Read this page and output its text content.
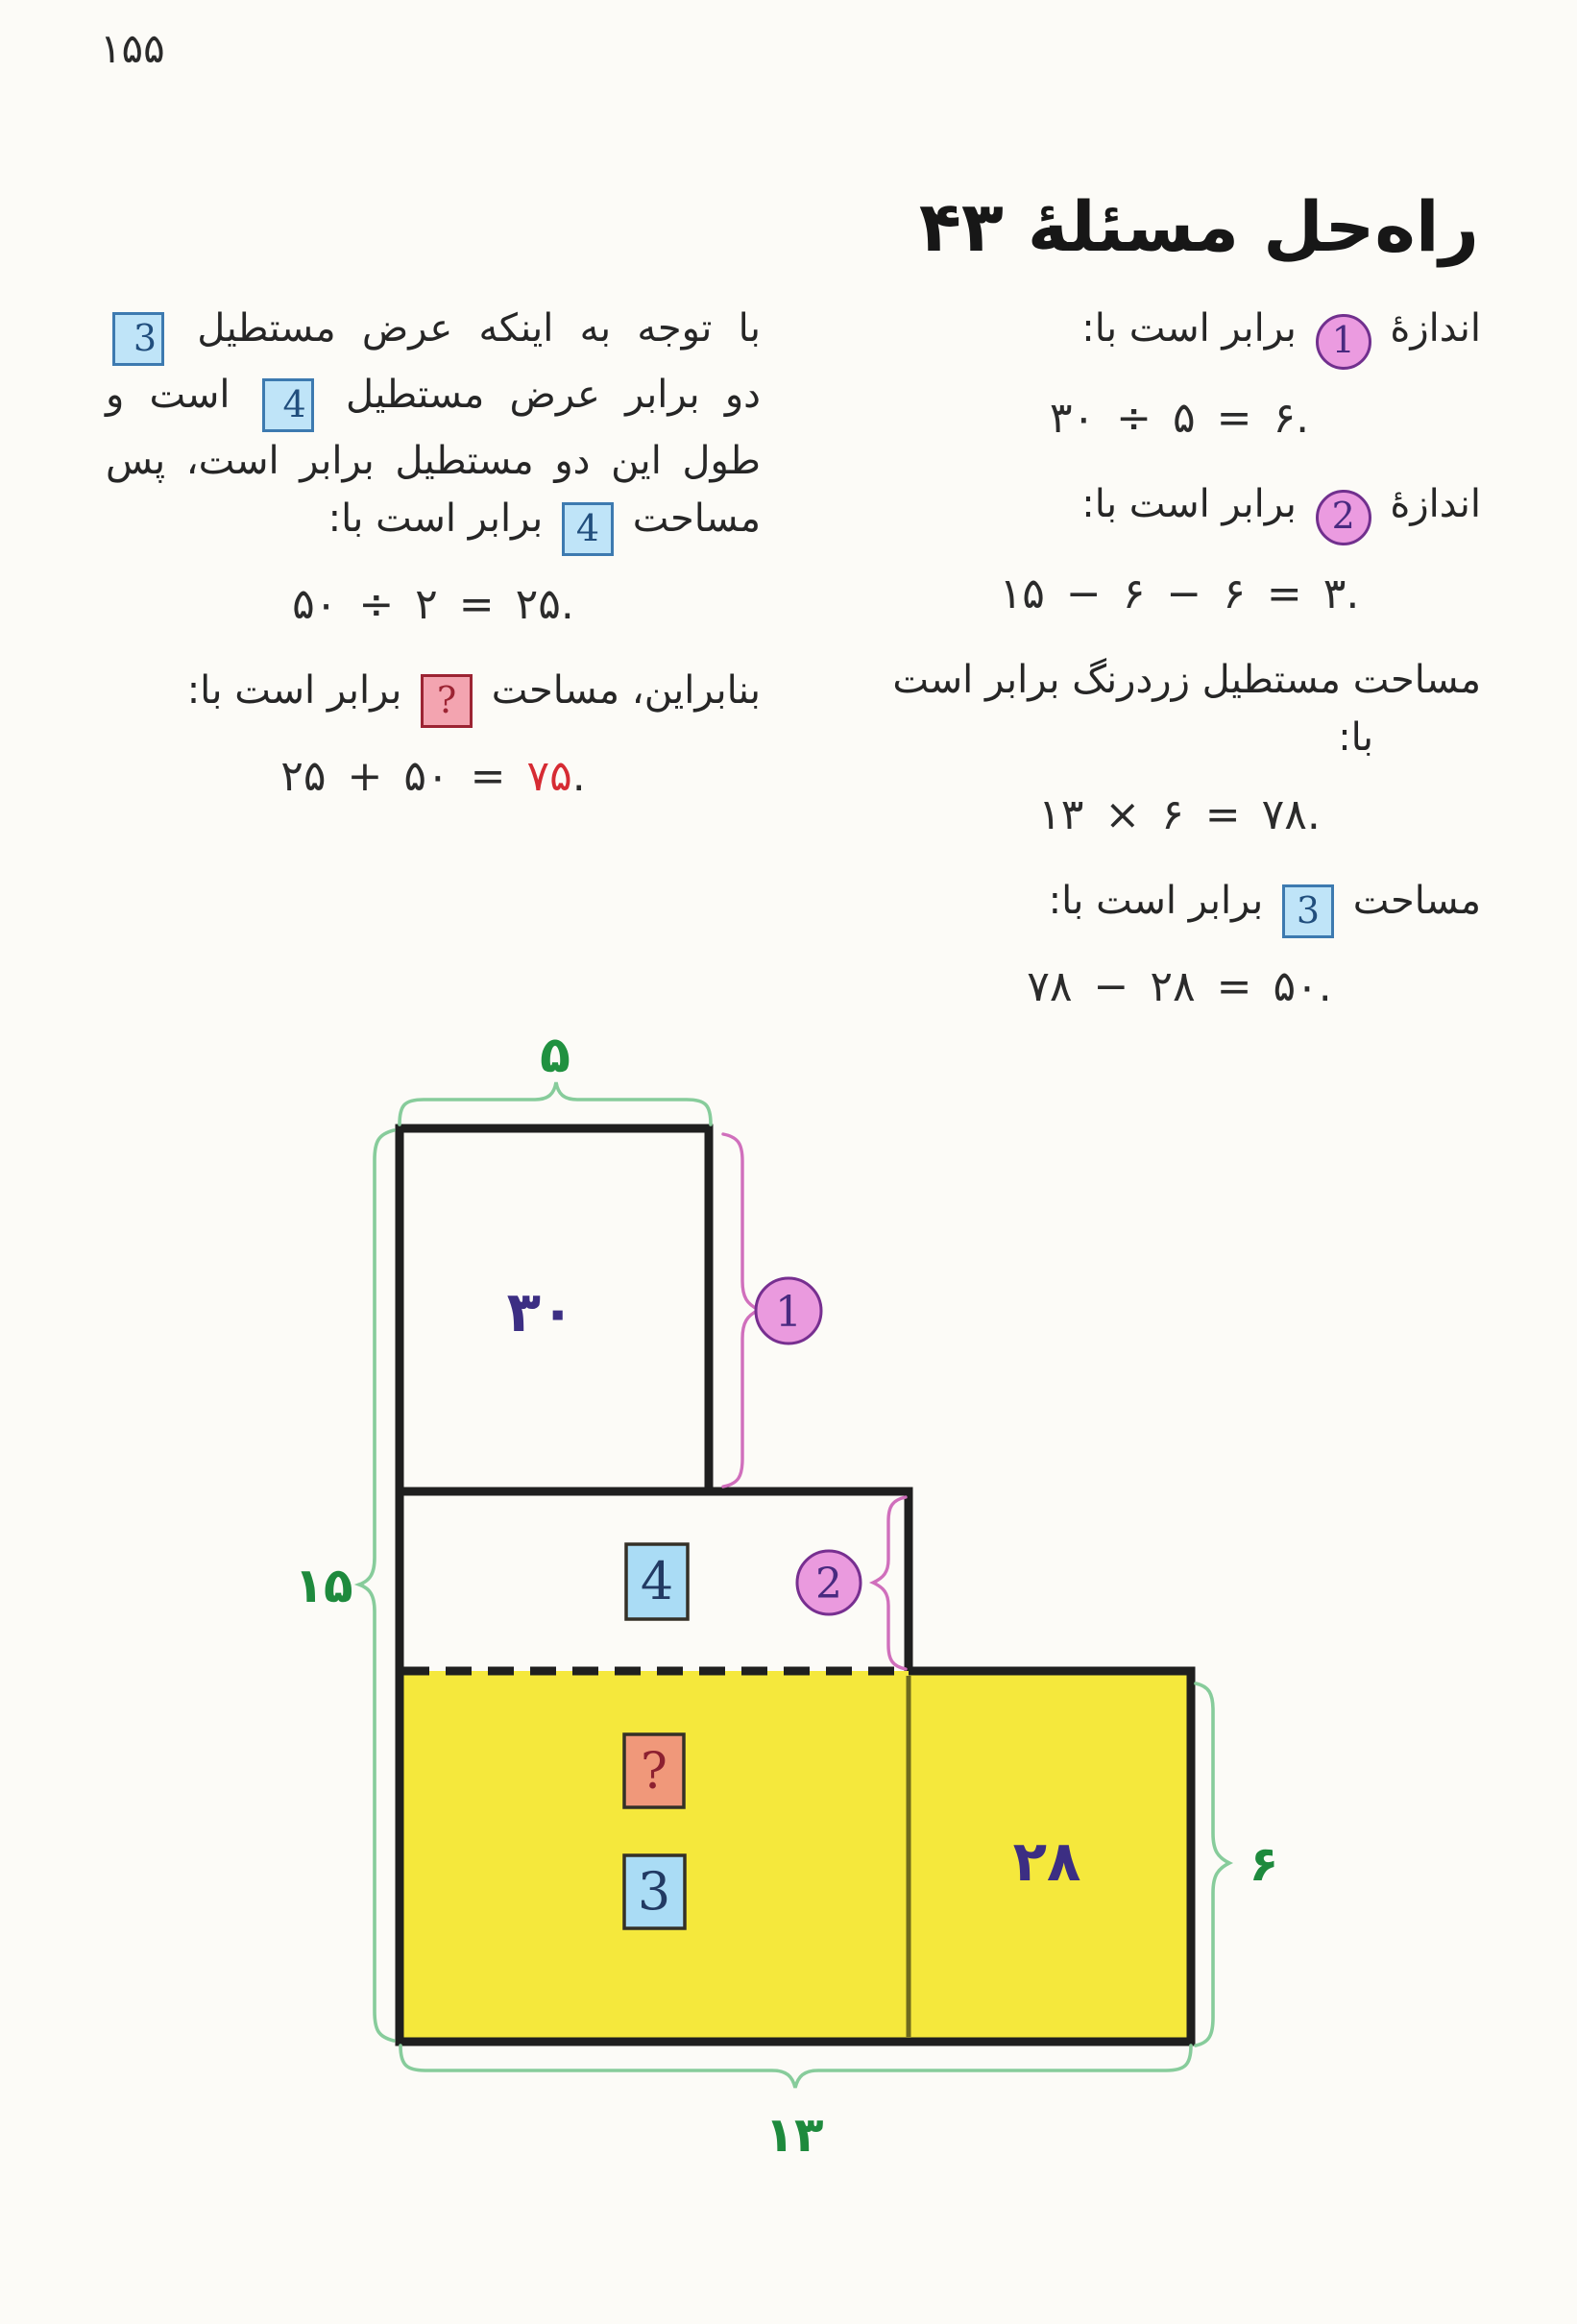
۱۵۵
راه‌حل مسئلهٔ ۴۳
اندازهٔ 1 برابر است با:
۳۰ ÷ ۵ = ۶.
اندازهٔ 2 برابر است با:
۱۵ − ۶ − ۶ = ۳.
مساحت مستطیل زردرنگ برابر است
با:
۱۳ × ۶ = ۷۸.
مساحت 3 برابر است با:
۷۸ − ۲۸ = ۵۰.
با توجه به اینکه عرض مستطیل 3
دو برابر عرض مستطیل 4 است و
طول این دو مستطیل برابر است، پس
مساحت 4 برابر است با:
۵۰ ÷ ۲ = ۲۵.
بنابراین، مساحت ? برابر است با:
۲۵ + ۵۰ = ۷۵.
1
2
4
?
3
۳۰
۲۸
۵
۱۵
۱۳
۶
